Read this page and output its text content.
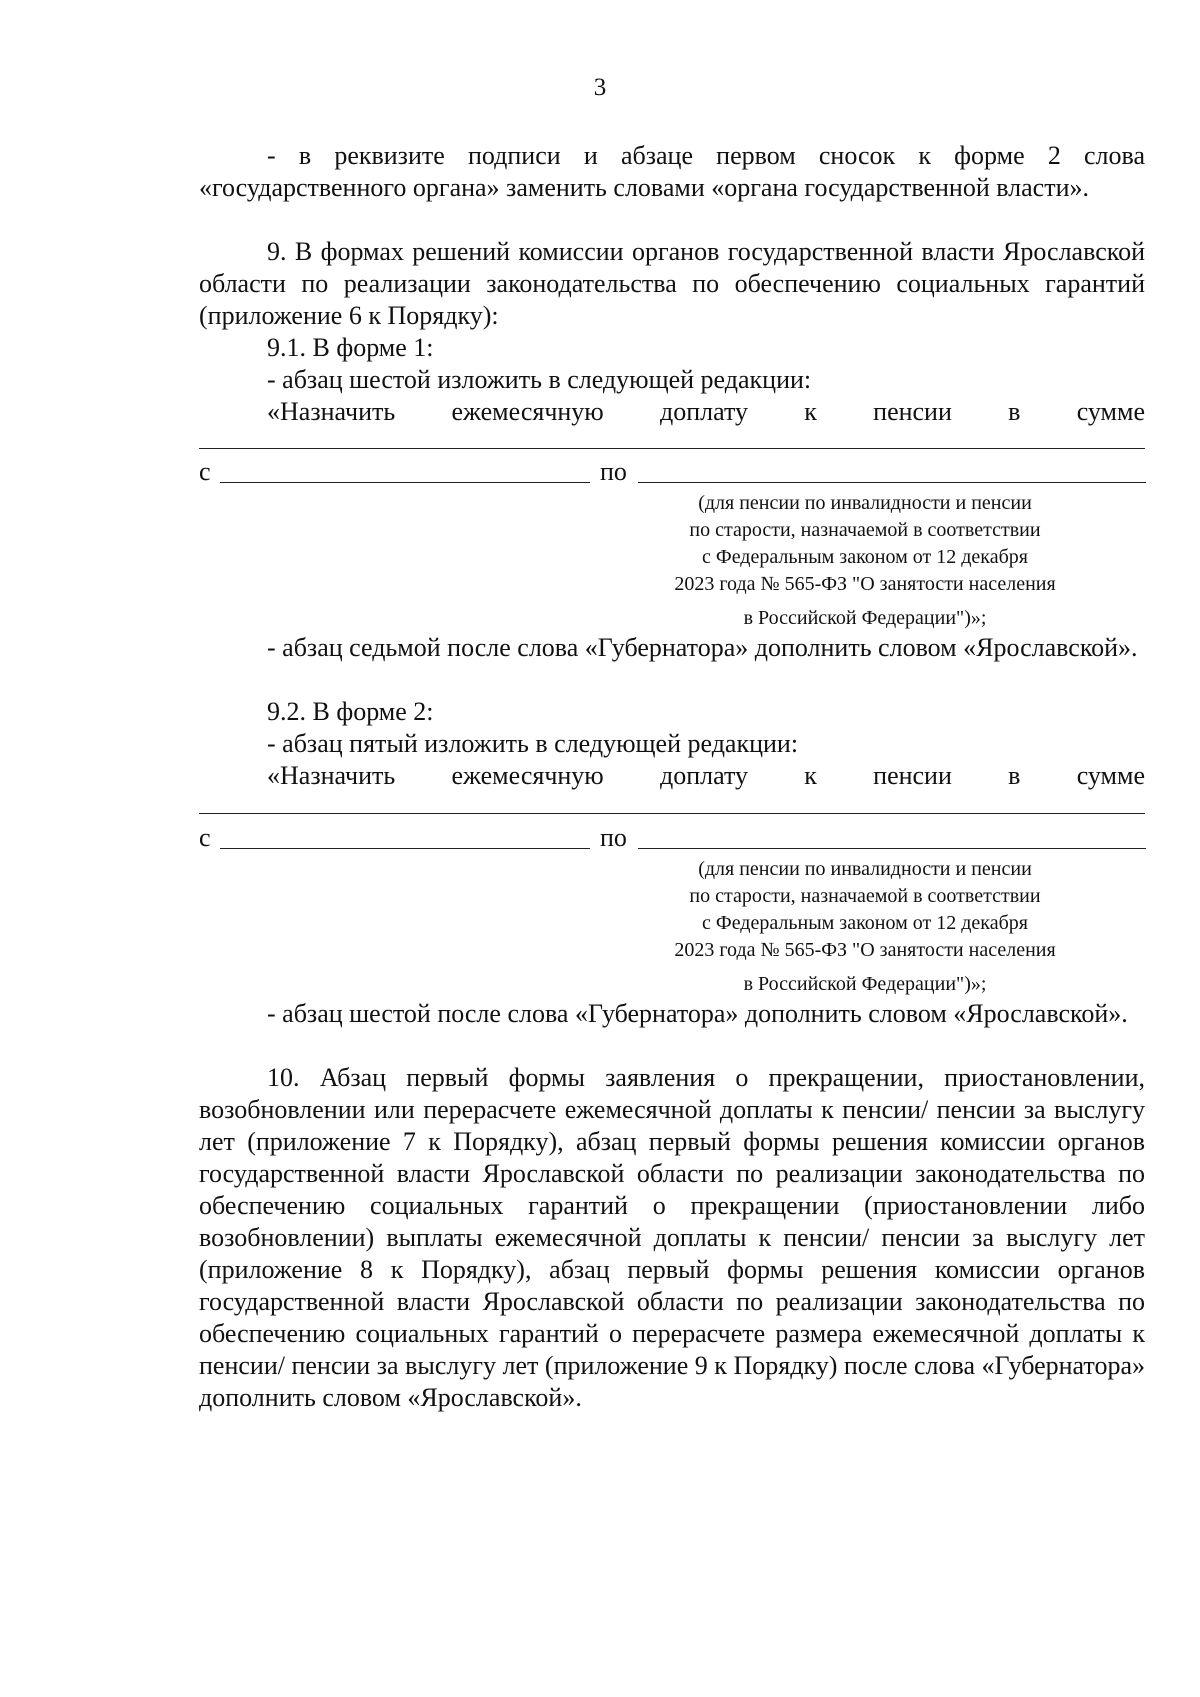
3
- в реквизите подписи и абзаце первом сносок к форме 2 слова «государственного органа» заменить словами «органа государственной власти».
9. В формах решений комиссии органов государственной власти Ярославской области по реализации законодательства по обеспечению социальных гарантий (приложение 6 к Порядку):
9.1. В форме 1:
- абзац шестой изложить в следующей редакции:
«Назначить ежемесячную доплату к пенсии в сумме
с	по
(для пенсии по инвалидности и пенсии
по старости, назначаемой в соответствии
с Федеральным законом от 12 декабря
2023 года № 565-ФЗ "О занятости населения
в Российской Федерации")»;
- абзац седьмой после слова «Губернатора» дополнить словом «Ярославской».
9.2. В форме 2:
- абзац пятый изложить в следующей редакции:
«Назначить ежемесячную доплату к пенсии в сумме
с	по
(для пенсии по инвалидности и пенсии
по старости, назначаемой в соответствии
с Федеральным законом от 12 декабря
2023 года № 565-ФЗ "О занятости населения
в Российской Федерации")»;
- абзац шестой после слова «Губернатора» дополнить словом «Ярославской».
10. Абзац первый формы заявления о прекращении, приостановлении, возобновлении или перерасчете ежемесячной доплаты к пенсии/ пенсии за выслугу лет (приложение 7 к Порядку), абзац первый формы решения комиссии органов государственной власти Ярославской области по реализации законодательства по обеспечению социальных гарантий о прекращении (приостановлении либо возобновлении) выплаты ежемесячной доплаты к пенсии/ пенсии за выслугу лет (приложение 8 к Порядку), абзац первый формы решения комиссии органов государственной власти Ярославской области по реализации законодательства по обеспечению социальных гарантий о перерасчете размера ежемесячной доплаты к пенсии/ пенсии за выслугу лет (приложение 9 к Порядку) после слова «Губернатора» дополнить словом «Ярославской».
